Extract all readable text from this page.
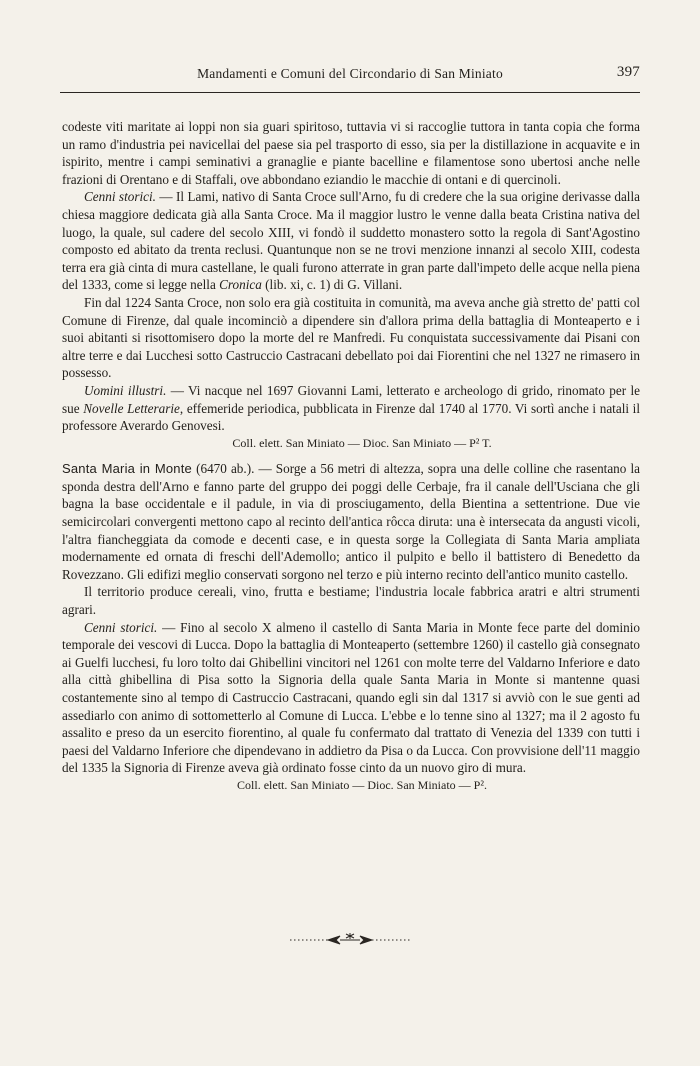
Mandamenti e Comuni del Circondario di San Miniato	397

codeste viti maritate ai loppi non sia guari spiritoso, tuttavia vi si raccoglie tuttora in tanta copia che forma un ramo d'industria pei navicellai del paese sia pel trasporto di esso, sia per la distillazione in acquavite e in ispirito, mentre i campi seminativi a granaglie e piante bacelline e filamentose sono ubertosi anche nelle frazioni di Orentano e di Staffali, ove abbondano eziandio le macchie di ontani e di quercinoli.

Cenni storici. — Il Lami, nativo di Santa Croce sull'Arno, fu di credere che la sua origine derivasse dalla chiesa maggiore dedicata già alla Santa Croce. Ma il maggior lustro le venne dalla beata Cristina nativa del luogo, la quale, sul cadere del secolo XIII, vi fondò il suddetto monastero sotto la regola di Sant'Agostino composto ed abitato da trenta reclusi. Quantunque non se ne trovi menzione innanzi al secolo XIII, codesta terra era già cinta di mura castellane, le quali furono atterrate in gran parte dall'impeto delle acque nella piena del 1333, come si legge nella Cronica (lib. xi, c. 1) di G. Villani.

Fin dal 1224 Santa Croce, non solo era già costituita in comunità, ma aveva anche già stretto de' patti col Comune di Firenze, dal quale incominciò a dipendere sin d'allora prima della battaglia di Monteaperto e i suoi abitanti si risottomisero dopo la morte del re Manfredi. Fu conquistata successivamente dai Pisani con altre terre e dai Lucchesi sotto Castruccio Castracani debellato poi dai Fiorentini che nel 1327 ne rimasero in possesso.

Uomini illustri. — Vi nacque nel 1697 Giovanni Lami, letterato e archeologo di grido, rinomato per le sue Novelle Letterarie, effemeride periodica, pubblicata in Firenze dal 1740 al 1770. Vi sortì anche i natali il professore Averardo Genovesi.

Coll. elett. San Miniato — Dioc. San Miniato — P² T.

Santa Maria in Monte (6470 ab.). — Sorge a 56 metri di altezza, sopra una delle colline che rasentano la sponda destra dell'Arno e fanno parte del gruppo dei poggi delle Cerbaje, fra il canale dell'Usciana che gli bagna la base occidentale e il padule, in via di prosciugamento, della Bientina a settentrione. Due vie semicircolari convergenti mettono capo al recinto dell'antica rôcca diruta: una è intersecata da angusti vicoli, l'altra fiancheggiata da comode e decenti case, e in questa sorge la Collegiata di Santa Maria ampliata modernamente ed ornata di freschi dell'Ademollo; antico il pulpito e bello il battistero di Benedetto da Rovezzano. Gli edifizi meglio conservati sorgono nel terzo e più interno recinto dell'antico munito castello.

Il territorio produce cereali, vino, frutta e bestiame; l'industria locale fabbrica aratri e altri strumenti agrari.

Cenni storici. — Fino al secolo X almeno il castello di Santa Maria in Monte fece parte del dominio temporale dei vescovi di Lucca. Dopo la battaglia di Monteaperto (settembre 1260) il castello già consegnato ai Guelfi lucchesi, fu loro tolto dai Ghibellini vincitori nel 1261 con molte terre del Valdarno Inferiore e dato alla città ghibellina di Pisa sotto la Signoria della quale Santa Maria in Monte si mantenne quasi costantemente sino al tempo di Castruccio Castracani, quando egli sin dal 1317 si avviò con le sue genti ad assediarlo con animo di sottometterlo al Comune di Lucca. L'ebbe e lo tenne sino al 1327; ma il 2 agosto fu assalito e preso da un esercito fiorentino, al quale fu confermato dal trattato di Venezia del 1339 con tutti i paesi del Valdarno Inferiore che dipendevano in addietro da Pisa o da Lucca. Con provvisione dell'11 maggio del 1335 la Signoria di Firenze aveva già ordinato fosse cinto da un nuovo giro di mura.

Coll. elett. San Miniato — Dioc. San Miniato — P².
